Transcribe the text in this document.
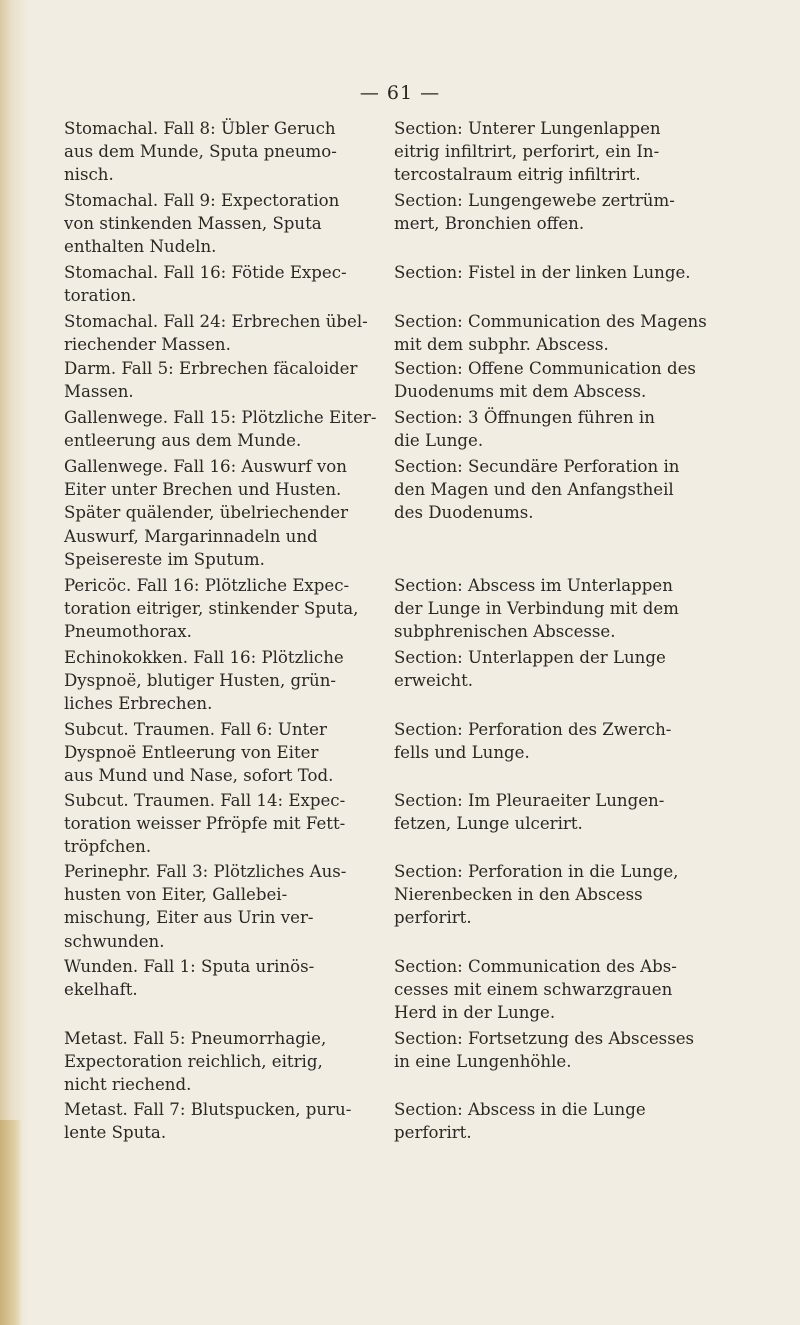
— 61 —
Stomachal. Fall 8: Übler Geruch
aus dem Munde, Sputa pneumo-
nisch.
Section: Unterer Lungenlappen
eitrig infiltrirt, perforirt, ein In-
tercostalraum eitrig infiltrirt.
Stomachal. Fall 9: Expectoration
von stinkenden Massen, Sputa
enthalten Nudeln.
Section: Lungengewebe zertrüm-
mert, Bronchien offen.
Stomachal. Fall 16: Fötide Expec-
toration.
Section: Fistel in der linken Lunge.
Stomachal. Fall 24: Erbrechen übel-
riechender Massen.
Section: Communication des Magens
mit dem subphr. Abscess.
Darm. Fall 5: Erbrechen fäcaloider
Massen.
Section: Offene Communication des
Duodenums mit dem Abscess.
Gallenwege. Fall 15: Plötzliche Eiter-
entleerung aus dem Munde.
Section: 3 Öffnungen führen in
die Lunge.
Gallenwege. Fall 16: Auswurf von
Eiter unter Brechen und Husten.
Später quälender, übelriechender
Auswurf, Margarinnadeln und
Speisereste im Sputum.
Section: Secundäre Perforation in
den Magen und den Anfangstheil
des Duodenums.
Pericöc. Fall 16: Plötzliche Expec-
toration eitriger, stinkender Sputa,
Pneumothorax.
Section: Abscess im Unterlappen
der Lunge in Verbindung mit dem
subphrenischen Abscesse.
Echinokokken. Fall 16: Plötzliche
Dyspnoë, blutiger Husten, grün-
liches Erbrechen.
Section: Unterlappen der Lunge
erweicht.
Subcut. Traumen. Fall 6: Unter
Dyspnoë Entleerung von Eiter
aus Mund und Nase, sofort Tod.
Section: Perforation des Zwerch-
fells und Lunge.
Subcut. Traumen. Fall 14: Expec-
toration weisser Pfröpfe mit Fett-
tröpfchen.
Section: Im Pleuraeiter Lungen-
fetzen, Lunge ulcerirt.
Perinephr. Fall 3: Plötzliches Aus-
husten von Eiter, Gallebei-
mischung, Eiter aus Urin ver-
schwunden.
Section: Perforation in die Lunge,
Nierenbecken in den Abscess
perforirt.
Wunden. Fall 1: Sputa urinös-
ekelhaft.
Section: Communication des Abs-
cesses mit einem schwarzgrauen
Herd in der Lunge.
Metast. Fall 5: Pneumorrhagie,
Expectoration reichlich, eitrig,
nicht riechend.
Section: Fortsetzung des Abscesses
in eine Lungenhöhle.
Metast. Fall 7: Blutspucken, puru-
lente Sputa.
Section: Abscess in die Lunge
perforirt.
